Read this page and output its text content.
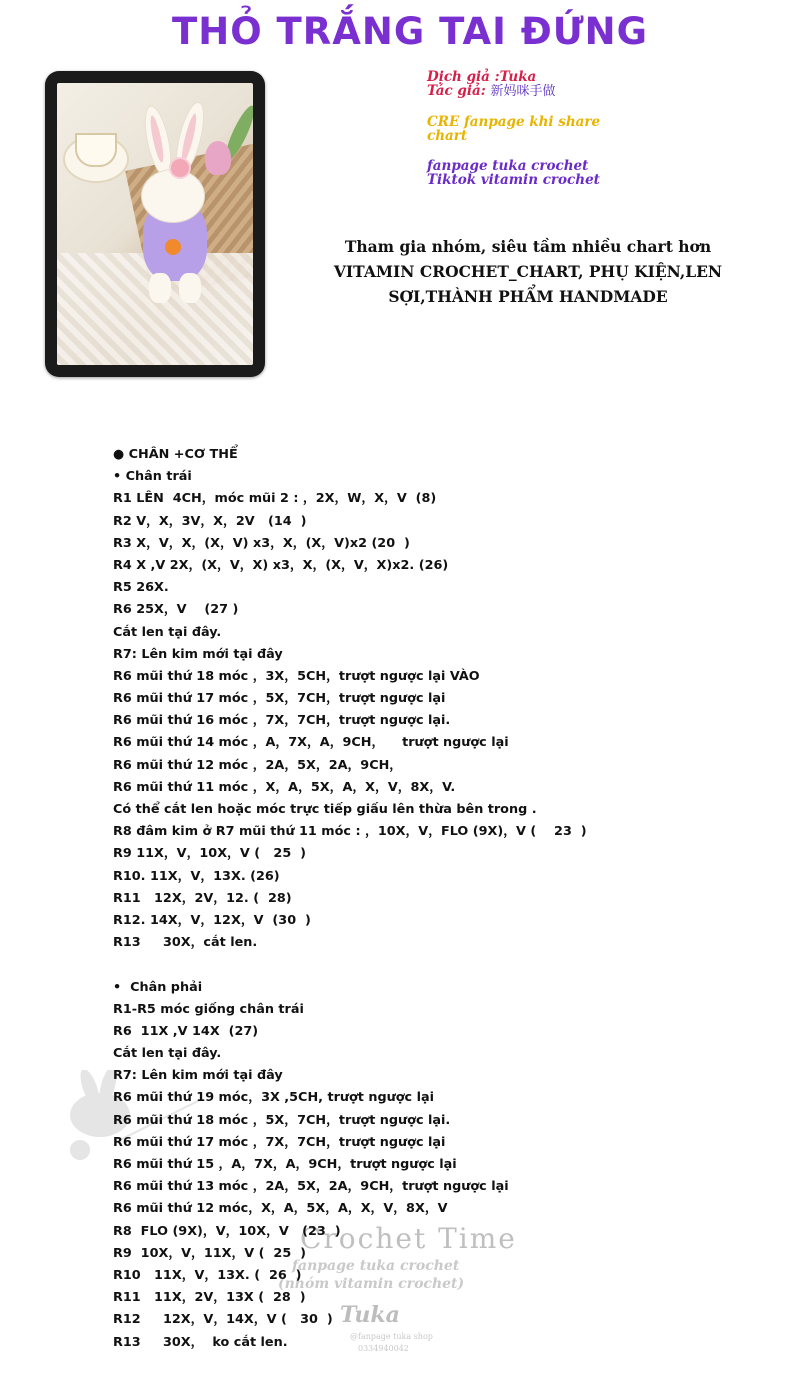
THỎ TRẮNG TAI ĐỨNG
Dịch giả :Tuka
Tác giả: 新妈咪手做
CRE fanpage khi share
chart
fanpage tuka crochet
Tiktok vitamin crochet
Tham gia nhóm, siêu tầm nhiều chart hơn
VITAMIN CROCHET_CHART, PHỤ KIỆN,LEN
SỢI,THÀNH PHẨM HANDMADE
Crochet Time
fanpage tuka crochet
(nhóm vitamin crochet)
Tuka
@fanpage tuka shop
0334940042
● CHÂN +CƠ THỂ
• Chân trái
R1 LÊN  4CH，móc mũi 2 : ，2X，W，X，V  (8)
R2 V，X，3V，X，2V   (14  )
R3 X，V，X，(X，V) x3，X，(X，V)x2 (20  )
R4 X ,V 2X，(X，V，X) x3，X，(X，V，X)x2. (26)
R5 26X.
R6 25X，V    (27 )
Cắt len tại đây.
R7: Lên kim mới tại đây
R6 mũi thứ 18 móc ，3X，5CH，trượt ngược lại VÀO
R6 mũi thứ 17 móc ，5X，7CH，trượt ngược lại
R6 mũi thứ 16 móc ，7X，7CH，trượt ngược lại.
R6 mũi thứ 14 móc ，A，7X，A，9CH，    trượt ngược lại
R6 mũi thứ 12 móc ，2A，5X，2A，9CH，
R6 mũi thứ 11 móc ，X，A，5X，A，X，V，8X，V.
Có thể cắt len hoặc móc trực tiếp giấu lên thừa bên trong .
R8 đâm kim ở R7 mũi thứ 11 móc : ，10X，V，FLO (9X)，V (    23  )
R9 11X，V，10X，V (   25  )
R10. 11X，V，13X. (26)
R11   12X，2V，12. (  28)
R12. 14X，V，12X，V  (30  )
R13     30X，cắt len.
•  Chân phải
R1-R5 móc giống chân trái
R6  11X ,V 14X  (27)
Cắt len tại đây.
R7: Lên kim mới tại đây
R6 mũi thứ 19 móc，3X ,5CH, trượt ngược lại
R6 mũi thứ 18 móc ，5X，7CH，trượt ngược lại.
R6 mũi thứ 17 móc ，7X，7CH，trượt ngược lại
R6 mũi thứ 15 ，A，7X，A，9CH，trượt ngược lại
R6 mũi thứ 13 móc ，2A，5X，2A，9CH，trượt ngược lại
R6 mũi thứ 12 móc，X，A，5X，A，X，V，8X，V
R8  FLO (9X)，V，10X，V   (23  )
R9  10X，V，11X，V (  25  )
R10   11X，V，13X. (  26  )
R11   11X，2V，13X (  28  )
R12     12X，V，14X，V (   30  )
R13     30X，  ko cắt len.
